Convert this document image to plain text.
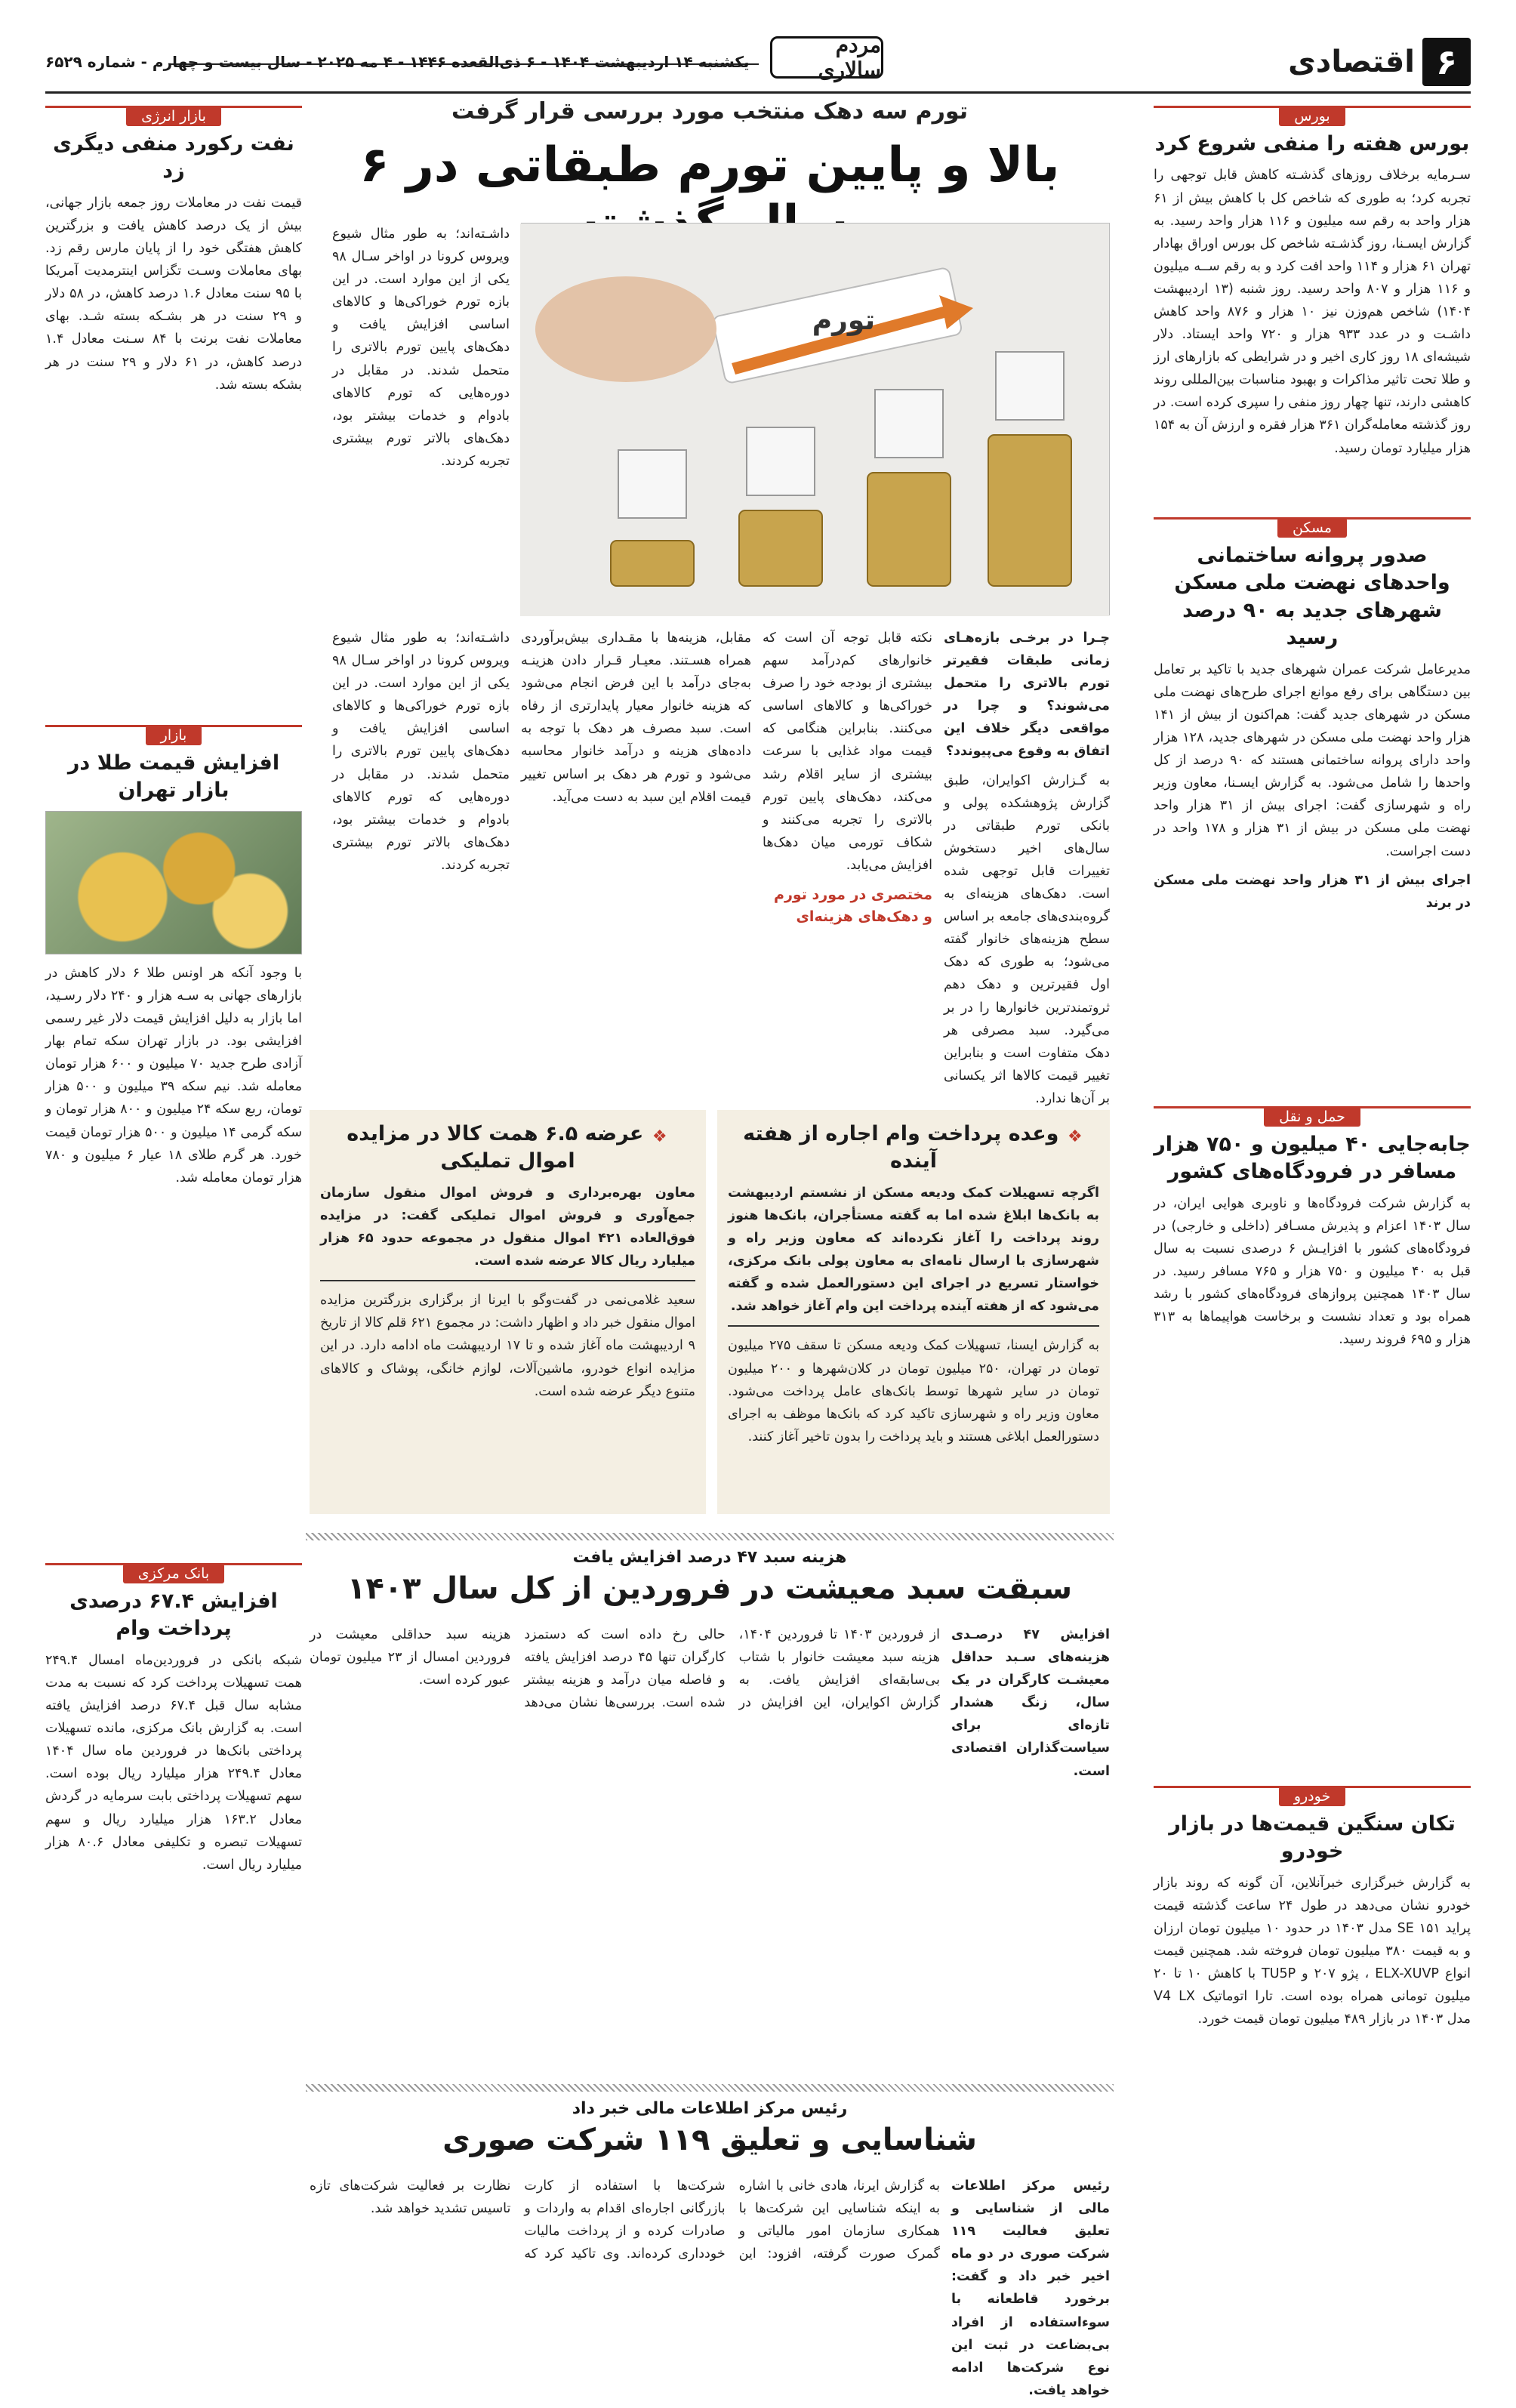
۶
اقتصادی
مردم سالاری
یکشنبه ۱۴ اردیبهشت ۱۴۰۴ - ۶ ذی‌القعده ۱۴۴۶ - ۴ مه ۲۰۲۵ - سال بیست و چهارم - شماره ۶۵۲۹
بورس
بورس هفته را منفی شروع کرد
سـرمایه برخلاف روزهای گذشـته کاهش قابل توجهی را تجربه کرد؛ به طوری که شاخص کل با کاهش بیش از ۶۱ هزار واحد به رقم سه میلیون و ۱۱۶ هزار واحد رسید. به گزارش ایسـنا، روز گذشـته شاخص کل بورس اوراق بهادار تهران ۶۱ هزار و ۱۱۴ واحد افت کرد و به رقم ســه میلیون و ۱۱۶ هزار و ۸۰۷ واحد رسید. روز شنبه (۱۳ اردیبهشت ۱۴۰۴) شاخص هم‌وزن نیز ۱۰ هزار و ۸۷۶ واحد کاهش داشـت و در عدد ۹۳۳ هزار و ۷۲۰ واحد ایستاد. دلار شیشه‌ای ۱۸ روز کاری اخیر و در شرایطی که بازارهای ارز و طلا تحت تاثیر مذاکرات و بهبود مناسبات بین‌المللی روند کاهشی دارند، تنها چهار روز منفی را سپری کرده است. در روز گذشته معامله‌گران ۳۶۱ هزار فقره و ارزش آن به ۱۵۴ هزار میلیارد تومان رسید.
مسکن
صدور پروانه ساختمانی واحدهای نهضت ملی مسکن شهرهای جدید به ۹۰ درصد رسید
مدیرعامل شرکت عمران شهرهای جدید با تاکید بر تعامل بین دستگاهی برای رفع موانع اجرای طرح‌های نهضت ملی مسکن در شهرهای جدید گفت: هم‌اکنون از بیش از ۱۴۱ هزار واحد نهضت ملی مسکن در شهرهای جدید، ۱۲۸ هزار واحد دارای پروانه ساختمانی هستند که ۹۰ درصد از کل واحدها را شامل می‌شود. به گزارش ایسـنا، معاون وزیر راه و شهرسازی گفت: اجرای بیش از ۳۱ هزار واحد نهضت ملی مسکن در بیش از ۳۱ هزار و ۱۷۸ واحد در دست اجراست.
اجرای بیش از ۳۱ هزار واحد نهضت ملی مسکن در برند
حمل و نقل
جابه‌جایی ۴۰ میلیون و ۷۵۰ هزار مسافر در فرودگاه‌های کشور
به گزارش شرکت فرودگاه‌ها و ناوبری هوایی ایران، در سال ۱۴۰۳ اعزام و پذیرش مسـافر (داخلی و خارجی) در فرودگاه‌های کشور با افزایـش ۶ درصدی نسبت به سال قبل به ۴۰ میلیون و ۷۵۰ هزار و ۷۶۵ مسافر رسید. در سال ۱۴۰۳ همچنین پروازهای فرودگاه‌های کشور با رشد همراه بود و تعداد نشست و برخاست هواپیماها به ۳۱۳ هزار و ۶۹۵ فروند رسید.
خودرو
تکان سنگین قیمت‌ها در بازار خودرو
به گزارش خبرگزاری خبرآنلاین، آن گونه که روند بازار خودرو نشان می‌دهد در طول ۲۴ ساعت گذشته قیمت پراید ۱۵۱ SE مدل ۱۴۰۳ در حدود ۱۰ میلیون تومان ارزان و به قیمت ۳۸۰ میلیون تومان فروخته شد. همچنین قیمت انواع ELX-XUVP ، پژو ۲۰۷ و TU5P با کاهش ۱۰ تا ۲۰ میلیون تومانی همراه بوده است. تارا اتوماتیک V4 LX مدل ۱۴۰۳ در بازار ۴۸۹ میلیون تومان قیمت خورد.
بازار انرژی
نفت رکورد منفی دیگری زد
قیمت نفت در معاملات روز جمعه بازار جهانی، بیش از یک درصد کاهش یافت و بزرگترین کاهش هفتگی خود را از پایان مارس رقم زد. بهای معاملات وسـت تگزاس اینترمدیت آمریکا با ۹۵ سنت معادل ۱.۶ درصد کاهش، در ۵۸ دلار و ۲۹ سنت در هر بشـکه بسته شـد. بهای معاملات نفت برنت با ۸۴ سـنت معادل ۱.۴ درصد کاهش، در ۶۱ دلار و ۲۹ سنت در هر بشکه بسته شد.
بازار
افزایش قیمت طلا در بازار تهران
با وجود آنکه هر اونس طلا ۶ دلار کاهش در بازارهای جهانی به سـه هزار و ۲۴۰ دلار رسـید، اما بازار به دلیل افزایش قیمت دلار غیر رسمی افزایشی بود. در بازار تهران سکه تمام بهار آزادی طرح جدید ۷۰ میلیون و ۶۰۰ هزار تومان معامله شد. نیم سکه ۳۹ میلیون و ۵۰۰ هزار تومان، ربع سکه ۲۴ میلیون و ۸۰۰ هزار تومان و سکه گرمی ۱۴ میلیون و ۵۰۰ هزار تومان قیمت خورد. هر گرم طلای ۱۸ عیار ۶ میلیون و ۷۸۰ هزار تومان معامله شد.
بانک مرکزی
افزایش ۶۷.۴ درصدی پرداخت وام
شبکه بانکی در فروردین‌ماه امسال ۲۴۹.۴ همت تسهیلات پرداخت کرد که نسبت به مدت مشابه سال قبل ۶۷.۴ درصد افزایش یافته است. به گزارش بانک مرکزی، مانده تسهیلات پرداختی بانک‌ها در فروردین ماه سال ۱۴۰۴ معادل ۲۴۹.۴ هزار میلیارد ریال بوده است. سهم تسهیلات پرداختی بابت سرمایه در گردش معادل ۱۶۳.۲ هزار میلیارد ریال و سهم تسهیلات تبصره و تکلیفی معادل ۸۰.۶ هزار میلیارد ریال است.
تورم سه دهک منتخب مورد بررسی قرار گرفت
بالا و پایین تورم طبقاتی در ۶
تورم
داشـته‌اند؛ به طور مثال شیوع ویروس کرونا در اواخر سـال ۹۸ یکی از این موارد است. در این بازه تورم خوراکی‌ها و کالاهای اساسی افزایش یافت و دهک‌های پایین تورم بالاتری را متحمل شدند. در مقابل در دوره‌هایی که تورم کالاهای بادوام و خدمات بیشتر بود، دهک‌های بالاتر تورم بیشتری تجربه کردند.
چـرا در برخـی بازه‌هـای زمانی طبقات فقیرتر تورم بالاتری را متحمل می‌شوند؟ و چرا در مواقعی دیگر خلاف این اتفاق به وقوع می‌پیوندد؟
به گـزارش اکوایران، طبق گزارش پژوهشکده پولی و بانکی تورم طبقاتی در سال‌های اخیر دستخوش تغییرات قابل توجهی شده است. دهک‌های هزینه‌ای به گروه‌بندی‌های جامعه بر اساس سطح هزینه‌های خانوار گفته می‌شود؛ به طوری که دهک اول فقیرترین و دهک دهم ثروتمندترین خانوارها را در بر می‌گیرد. سبد مصرفی هر دهک متفاوت است و بنابراین تغییر قیمت کالاها اثر یکسانی بر آن‌ها ندارد.
نکته قابل توجه آن است که خانوارهای کم‌درآمد سهم بیشتری از بودجه خود را صرف خوراکی‌ها و کالاهای اساسی می‌کنند. بنابراین هنگامی که قیمت مواد غذایی با سرعت بیشتری از سایر اقلام رشد می‌کند، دهک‌های پایین تورم بالاتری را تجربه می‌کنند و شکاف تورمی میان دهک‌ها افزایش می‌یابد.
مختصری در مورد تورم و دهک‌های هزینه‌ای
مقابل، هزینه‌ها با مقـداری بیش‌برآوردی همراه هسـتند. معیـار قـرار دادن هزینـه به‌جای درآمد با این فرض انجام می‌شود که هزینه خانوار معیار پایدارتری از رفاه است. سبد مصرف هر دهک با توجه به داده‌های هزینه و درآمد خانوار محاسبه می‌شود و تورم هر دهک بر اساس تغییر قیمت اقلام این سبد به دست می‌آید.
داشـته‌اند؛ به طور مثال شیوع ویروس کرونا در اواخر سـال ۹۸ یکی از این موارد است. در این بازه تورم خوراکی‌ها و کالاهای اساسی افزایش یافت و دهک‌های پایین تورم بالاتری را متحمل شدند. در مقابل در دوره‌هایی که تورم کالاهای بادوام و خدمات بیشتر بود، دهک‌های بالاتر تورم بیشتری تجربه کردند.
❖ وعده پرداخت وام اجاره از هفته آینده
اگرچه تسهیلات کمک ودیعه مسکن از نشستم اردیبهشت به بانک‌ها ابلاغ شده اما به گفته مستأجران، بانک‌ها هنوز روند پرداخت را آغاز نکرده‌اند که معاون وزیر راه و شهرسازی با ارسال نامه‌ای به معاون پولی بانک مرکزی، خواستار تسریع در اجرای این دستورالعمل شده و گفته می‌شود که از هفته آینده پرداخت این وام آغاز خواهد شد.
به گزارش ایسنا، تسهیلات کمک ودیعه مسکن تا سقف ۲۷۵ میلیون تومان در تهران، ۲۵۰ میلیون تومان در کلان‌شهرها و ۲۰۰ میلیون تومان در سایر شهرها توسط بانک‌های عامل پرداخت می‌شود. معاون وزیر راه و شهرسازی تاکید کرد که بانک‌ها موظف به اجرای دستورالعمل ابلاغی هستند و باید پرداخت را بدون تاخیر آغاز کنند.
❖ عرضه ۶.۵ همت کالا در مزایده اموال تملیکی
معاون بهره‌برداری و فروش اموال منقول سازمان جمع‌آوری و فروش اموال تملیکی گفت: در مزایده فوق‌العاده ۴۲۱ اموال منقول در مجموعه حدود ۶۵ هزار میلیارد ریال کالا عرضه شده است.
سعید غلامی‌نمی در گفت‌وگو با ایرنا از برگزاری بزرگترین مزایده اموال منقول خبر داد و اظهار داشت: در مجموع ۶۲۱ قلم کالا از تاریخ ۹ اردیبهشت ماه آغاز شده و تا ۱۷ اردیبهشت ماه ادامه دارد. در این مزایده انواع خودرو، ماشین‌آلات، لوازم خانگی، پوشاک و کالاهای متنوع دیگر عرضه شده است.
هزینه سبد ۴۷ درصد افزایش یافت
سبقت سبد معیشت در فروردین از کل سال ۱۴۰۳
افزایش ۴۷ درصـدی هزینه‌های سـبد حداقل معیشـت کارگران در یک سال، زنگ هشدار تازه‌ای برای سیاست‌گذاران اقتصادی است.
از فروردین ۱۴۰۳ تا فروردین ۱۴۰۴، هزینه سبد معیشت خانوار با شتاب بی‌سابقه‌ای افزایش یافت. به گزارش اکوایران، این افزایش در حالی رخ داده است که دستمزد کارگران تنها ۴۵ درصد افزایش یافته و فاصله میان درآمد و هزینه بیشتر شده است. بررسی‌ها نشان می‌دهد هزینه سبد حداقلی معیشت در فروردین امسال از ۲۳ میلیون تومان عبور کرده است.
رئیس مرکز اطلاعات مالی خبر داد
شناسایی و تعلیق ۱۱۹ شرکت صوری
رئیس مرکز اطلاعات مالی از شناسایی و تعلیق فعالیت ۱۱۹ شرکت صوری در دو ماه اخیر خبر داد و گفت: برخورد قاطعانه با سوءاستفاده از افراد بی‌بضاعت در ثبت این نوع شرکت‌ها ادامه خواهد یافت.
به گزارش ایرنا، هادی خانی با اشاره به اینکه شناسایی این شرکت‌ها با همکاری سازمان امور مالیاتی و گمرک صورت گرفته، افزود: این شرکت‌ها با استفاده از کارت بازرگانی اجاره‌ای اقدام به واردات و صادرات کرده و از پرداخت مالیات خودداری کرده‌اند. وی تاکید کرد که نظارت بر فعالیت شرکت‌های تازه تاسیس تشدید خواهد شد.
